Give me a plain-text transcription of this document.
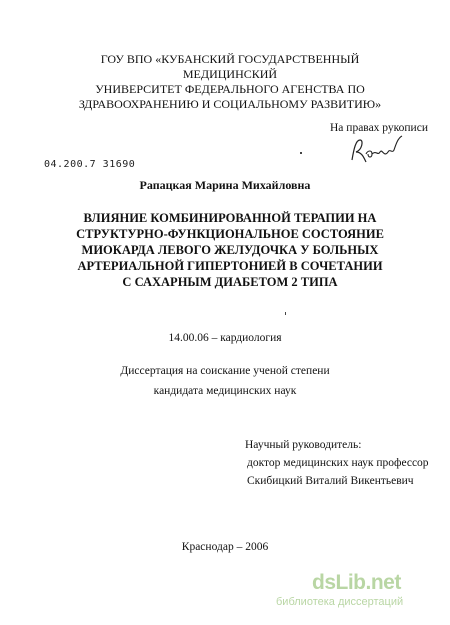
ГОУ ВПО «КУБАНСКИЙ ГОСУДАРСТВЕННЫЙ МЕДИЦИНСКИЙ
УНИВЕРСИТЕТ ФЕДЕРАЛЬНОГО АГЕНСТВА ПО
ЗДРАВООХРАНЕНИЮ И СОЦИАЛЬНОМУ РАЗВИТИЮ»
На правах рукописи
04.200.7 31690
Рапацкая Марина Михайловна
ВЛИЯНИЕ КОМБИНИРОВАННОЙ ТЕРАПИИ НА
СТРУКТУРНО-ФУНКЦИОНАЛЬНОЕ СОСТОЯНИЕ
МИОКАРДА ЛЕВОГО ЖЕЛУДОЧКА У БОЛЬНЫХ
АРТЕРИАЛЬНОЙ ГИПЕРТОНИЕЙ В СОЧЕТАНИИ
С САХАРНЫМ ДИАБЕТОМ 2 ТИПА
14.00.06 – кардиология
Диссертация на соискание ученой степени
кандидата медицинских наук
Научный руководитель:
доктор медицинских наук профессор
Скибицкий Виталий Викентьевич
Краснодар – 2006
dsLib.net
библиотека диссертаций
